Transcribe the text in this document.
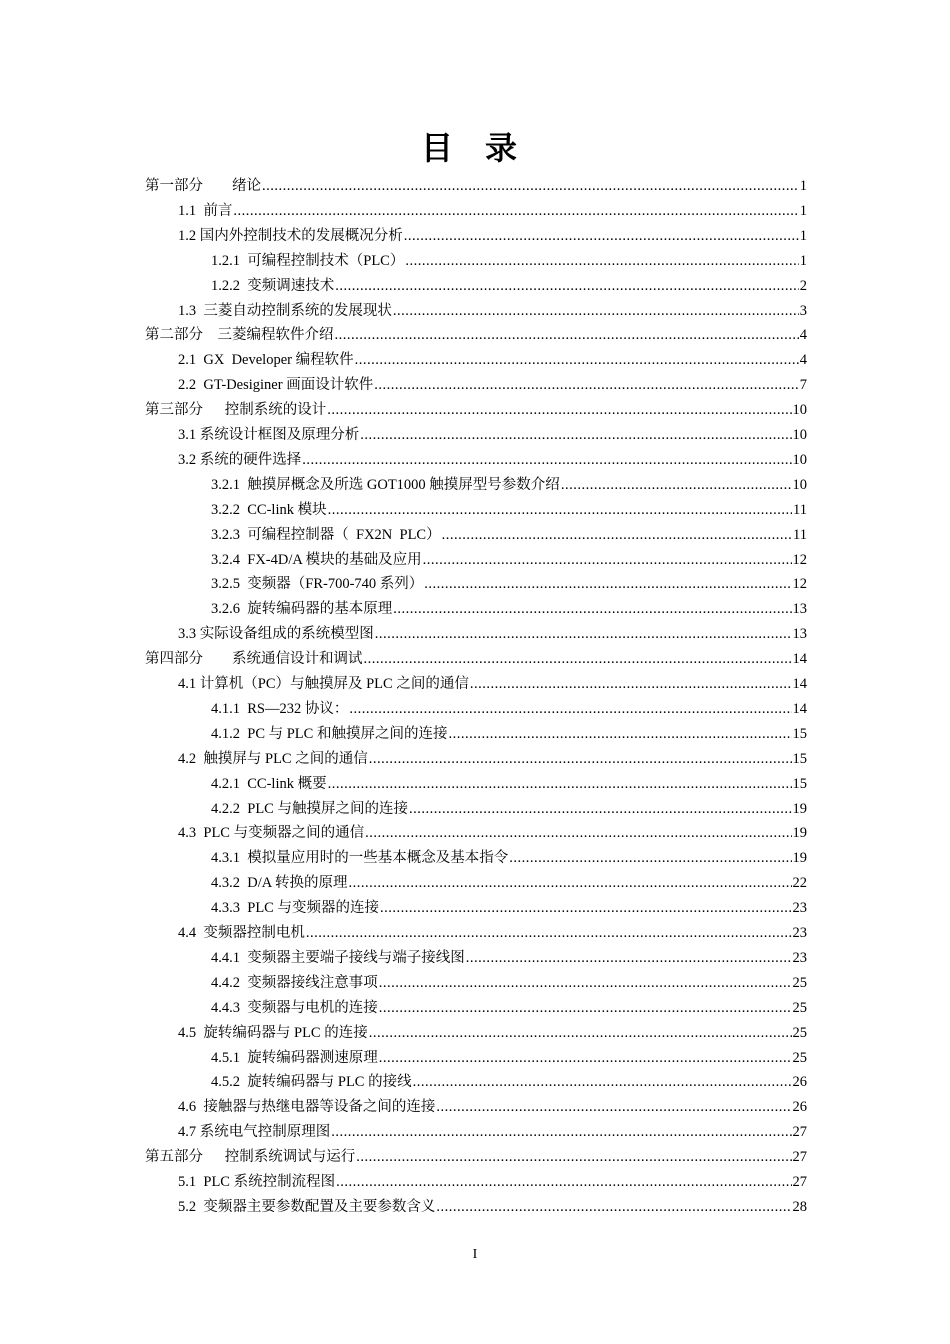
目 录
第一部分        绪论 .....	1
1.1  前言 .....	1
1.2 国内外控制技术的发展概况分析 .....	1
1.2.1  可编程控制技术（PLC） .....	1
1.2.2  变频调速技术 .....	2
1.3  三菱自动控制系统的发展现状 .....	3
第二部分    三菱编程软件介绍 .....	4
2.1  GX  Developer 编程软件 .....	4
2.2  GT-Desiginer 画面设计软件 .....	7
第三部分      控制系统的设计 .....	10
3.1 系统设计框图及原理分析 .....	10
3.2 系统的硬件选择 .....	10
3.2.1  触摸屏概念及所选 GOT1000 触摸屏型号参数介绍 .....	10
3.2.2  CC-link 模块 .....	11
3.2.3  可编程控制器（  FX2N  PLC） .....	11
3.2.4  FX-4D/A 模块的基础及应用 .....	12
3.2.5  变频器（FR-700-740 系列） .....	12
3.2.6  旋转编码器的基本原理 .....	13
3.3 实际设备组成的系统模型图 .....	13
第四部分        系统通信设计和调试 .....	14
4.1 计算机（PC）与触摸屏及 PLC 之间的通信 .....	14
4.1.1  RS—232 协议： .....	14
4.1.2  PC 与 PLC 和触摸屏之间的连接 .....	15
4.2  触摸屏与 PLC 之间的通信 .....	15
4.2.1  CC-link 概要 .....	15
4.2.2  PLC 与触摸屏之间的连接 .....	19
4.3  PLC 与变频器之间的通信 .....	19
4.3.1  模拟量应用时的一些基本概念及基本指令 .....	19
4.3.2  D/A 转换的原理 .....	22
4.3.3  PLC 与变频器的连接 .....	23
4.4  变频器控制电机 .....	23
4.4.1  变频器主要端子接线与端子接线图 .....	23
4.4.2  变频器接线注意事项 .....	25
4.4.3  变频器与电机的连接 .....	25
4.5  旋转编码器与 PLC 的连接 .....	25
4.5.1  旋转编码器测速原理 .....	25
4.5.2  旋转编码器与 PLC 的接线 .....	26
4.6  接触器与热继电器等设备之间的连接 .....	26
4.7 系统电气控制原理图 .....	27
第五部分      控制系统调试与运行 .....	27
5.1  PLC 系统控制流程图 .....	27
5.2  变频器主要参数配置及主要参数含义 .....	28
I
